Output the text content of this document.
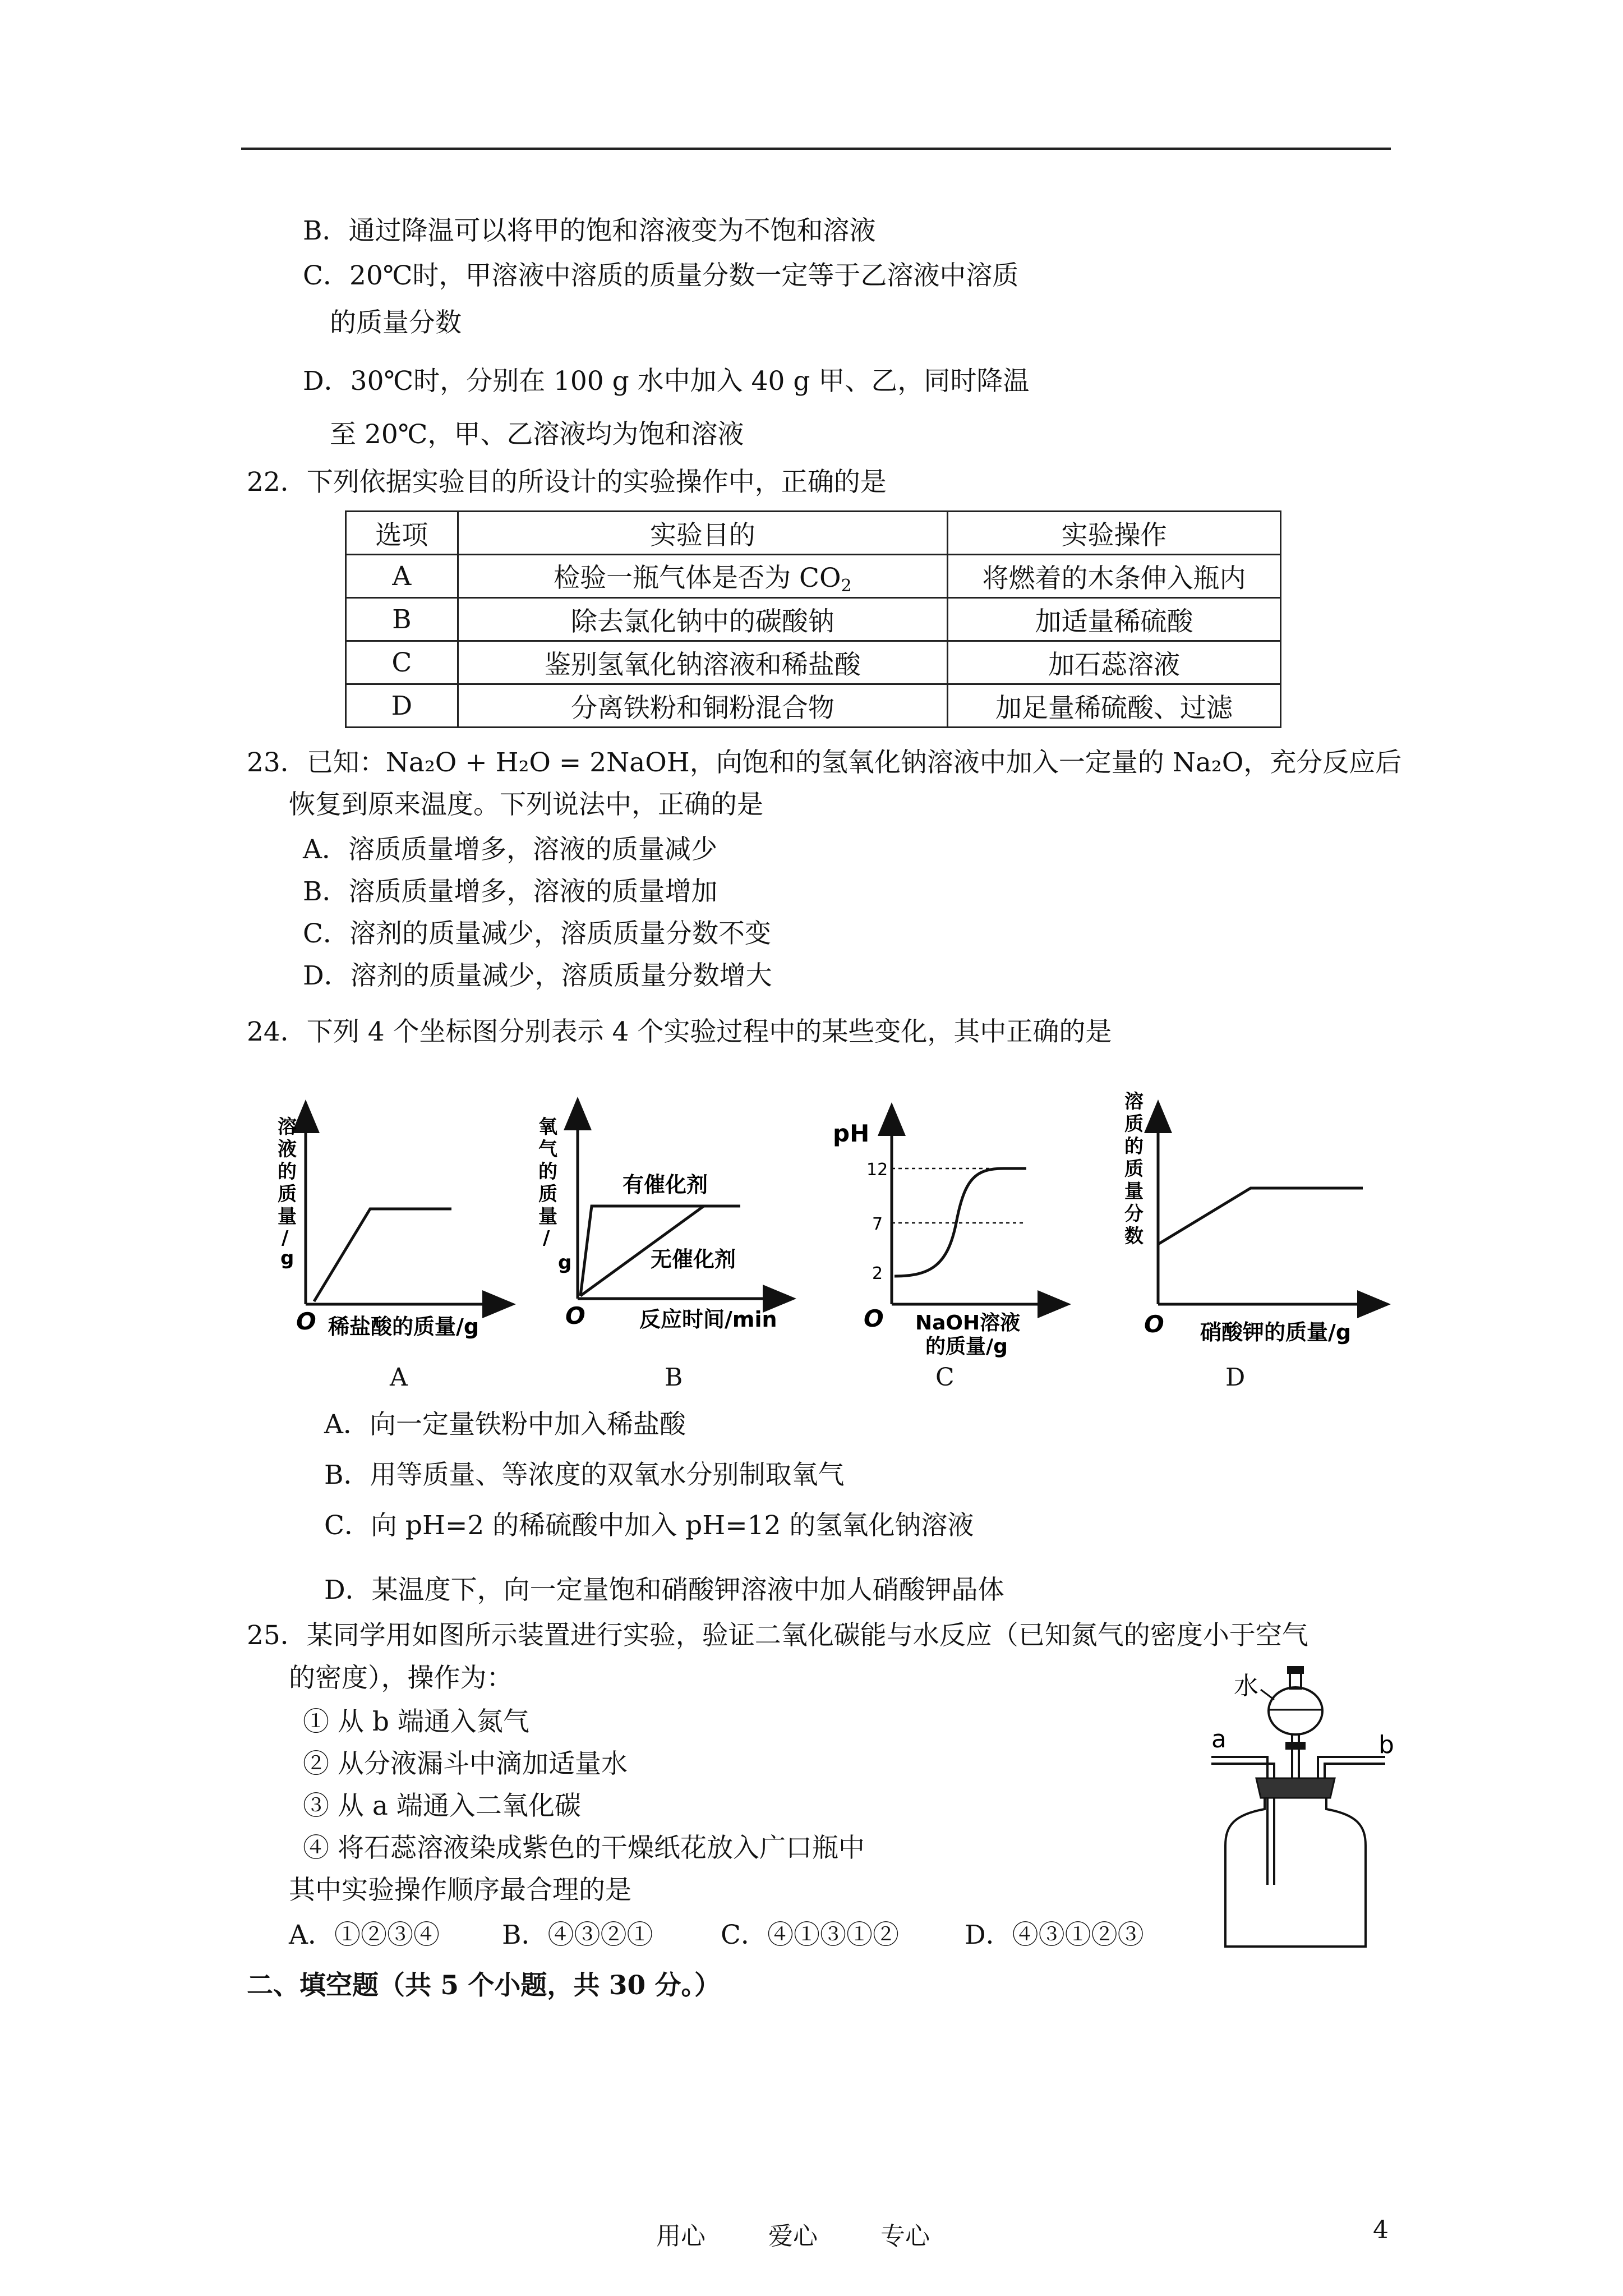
B．通过降温可以将甲的饱和溶液变为不饱和溶液
C．20℃时，甲溶液中溶质的质量分数一定等于乙溶液中溶质
的质量分数
D．30℃时，分别在 100 g 水中加入 40 g 甲、乙，同时降温
至 20℃，甲、乙溶液均为饱和溶液
22．下列依据实验目的所设计的实验操作中，正确的是
选项	实验目的	实验操作
A	检验一瓶气体是否为 $CO_2$	将燃着的木条伸入瓶内
B	除去氯化钠中的碳酸钠	加适量稀硫酸
C	鉴别氢氧化钠溶液和稀盐酸	加石蕊溶液
D	分离铁粉和铜粉混合物	加足量稀硫酸、过滤
23．已知：Na₂O + H₂O = 2NaOH，向饱和的氢氧化钠溶液中加入一定量的 Na₂O，充分反应后
恢复到原来温度。下列说法中，正确的是
A．溶质质量增多，溶液的质量减少
B．溶质质量增多，溶液的质量增加
C．溶剂的质量减少，溶质质量分数不变
D．溶剂的质量减少，溶质质量分数增大
24．下列 4 个坐标图分别表示 4 个实验过程中的某些变化，其中正确的是
O
溶 液 的 质 量 / g
稀盐酸的质量/g	O
氧 气 的 质 量 / g
有催化剂
无催化剂
反应时间/min
pH
12
7
2
O NaOH溶液
的质量/g
溶 质 的 质 量 分 数
O 硝酸钾的质量/g
A	B	C	D
A．向一定量铁粉中加入稀盐酸
B．用等质量、等浓度的双氧水分别制取氧气
C．向 pH=2 的稀硫酸中加入 pH=12 的氢氧化钠溶液
D．某温度下，向一定量饱和硝酸钾溶液中加人硝酸钾晶体
25．某同学用如图所示装置进行实验，验证二氧化碳能与水反应（已知氮气的密度小于空气
的密度），操作为：
① 从 b 端通入氮气
② 从分液漏斗中滴加适量水
③ 从 a 端通入二氧化碳
④ 将石蕊溶液染成紫色的干燥纸花放入广口瓶中
其中实验操作顺序最合理的是
A．①②③④ B．④③②①	C．④①③①② D．④③①②③
水
a	b
二、填空题（共 5 个小题，共 30 分。）
用心	爱心	专心	4
